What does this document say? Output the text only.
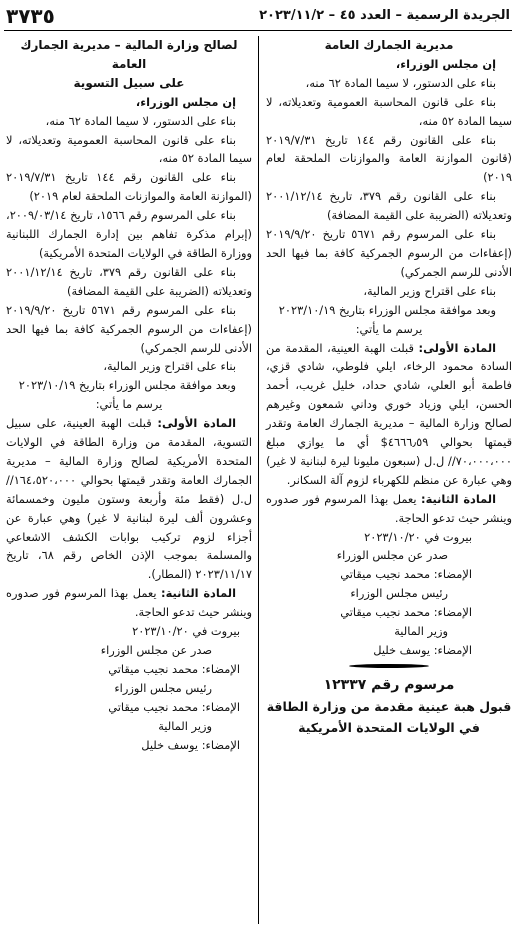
الجريدة الرسمية – العدد ٤٥ – ٢٠٢٣/١١/٢
٣٧٣٥

مديرية الجمارك العامة

إن مجلس الوزراء،

بناء على الدستور، لا سيما المادة ٦٢ منه،

بناء على قانون المحاسبة العمومية وتعديلاته، لا سيما المادة ٥٢ منه،

بناء على القانون رقم ١٤٤ تاريخ ٢٠١٩/٧/٣١ (قانون الموازنة العامة والموازنات الملحقة لعام ٢٠١٩)

بناء على القانون رقم ٣٧٩، تاريخ ٢٠٠١/١٢/١٤ وتعديلاته (الضريبة على القيمة المضافة)

بناء على المرسوم رقم ٥٦٧١ تاريخ ٢٠١٩/٩/٢٠ (إعفاءات من الرسوم الجمركية كافة بما فيها الحد الأدنى للرسم الجمركي)

بناء على اقتراح وزير المالية،

وبعد موافقة مجلس الوزراء بتاريخ ٢٠٢٣/١٠/١٩

يرسم ما يأتي:

المادة الأولى: قبلت الهبة العينية، المقدمة من السادة محمود الرخاء، ايلي فلوطي، شادي قزي، فاطمة أبو العلي، شادي حداد، خليل غريب، أحمد الحسن، ايلي وزياد خوري وداني شمعون وغيرهم لصالح وزارة المالية – مديرية الجمارك العامة وتقدر قيمتها بحوالي ٤٦٦٦٫٥٩$ أي ما يوازي مبلغ ٧٠،٠٠٠،٠٠٠// ل.ل (سبعون مليونا ليرة لبنانية لا غير) وهي عبارة عن منظم للكهرباء لزوم آلة السكانر.

المادة الثانية: يعمل بهذا المرسوم فور صدوره وينشر حيث تدعو الحاجة.

بيروت في ٢٠٢٣/١٠/٢٠

صدر عن مجلس الوزراء

الإمضاء: محمد نجيب ميقاتي

رئيس مجلس الوزراء

الإمضاء: محمد نجيب ميقاتي

وزير المالية

الإمضاء: يوسف خليل

مرسوم رقم ١٢٣٣٧

قبول هبة عينية مقدمة من وزارة الطاقة

في الولايات المتحدة الأمريكية

لصالح وزارة المالية – مديرية الجمارك العامة

على سبيل التسوية

إن مجلس الوزراء،

بناء على الدستور، لا سيما المادة ٦٢ منه،

بناء على قانون المحاسبة العمومية وتعديلاته، لا سيما المادة ٥٢ منه،

بناء على القانون رقم ١٤٤ تاريخ ٢٠١٩/٧/٣١ (الموازنة العامة والموازنات الملحقة لعام ٢٠١٩)

بناء على المرسوم رقم ١٥٦٦، تاريخ ٢٠٠٩/٠٣/١٤، (إبرام مذكرة تفاهم بين إدارة الجمارك اللبنانية ووزارة الطاقة في الولايات المتحدة الأمريكية)

بناء على القانون رقم ٣٧٩، تاريخ ٢٠٠١/١٢/١٤ وتعديلاته (الضريبة على القيمة المضافة)

بناء على المرسوم رقم ٥٦٧١ تاريخ ٢٠١٩/٩/٢٠ (إعفاءات من الرسوم الجمركية كافة بما فيها الحد الأدنى للرسم الجمركي)

بناء على اقتراح وزير المالية،

وبعد موافقة مجلس الوزراء بتاريخ ٢٠٢٣/١٠/١٩

يرسم ما يأتي:

المادة الأولى: قبلت الهبة العينية، على سبيل التسوية، المقدمة من وزارة الطاقة في الولايات المتحدة الأمريكية لصالح وزارة المالية – مديرية الجمارك العامة وتقدر قيمتها بحوالي ١٦٤،٥٢٠،٠٠٠// ل.ل (فقط مئة وأربعة وستون مليون وخمسمائة وعشرون ألف ليرة لبنانية لا غير) وهي عبارة عن أجزاء لزوم تركيب بوابات الكشف الاشعاعي والمسلمة بموجب الإذن الخاص رقم ٦٨، تاريخ ٢٠٢٣/١١/١٧ (المطار).

المادة الثانية: يعمل بهذا المرسوم فور صدوره وينشر حيث تدعو الحاجة.

بيروت في ٢٠٢٣/١٠/٢٠

صدر عن مجلس الوزراء

الإمضاء: محمد نجيب ميقاتي

رئيس مجلس الوزراء

الإمضاء: محمد نجيب ميقاتي

وزير المالية

الإمضاء: يوسف خليل
